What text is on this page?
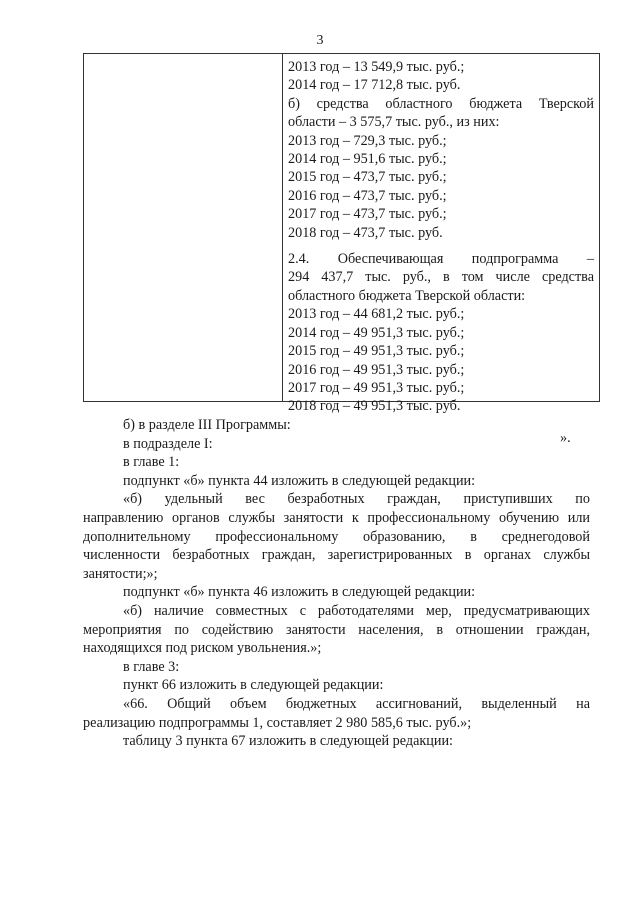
3
2013 год – 13 549,9 тыс. руб.;
2014 год – 17 712,8 тыс. руб.
б) средства областного бюджета Тверской
области – 3 575,7 тыс. руб., из них:
2013 год – 729,3 тыс. руб.;
2014 год – 951,6 тыс. руб.;
2015 год – 473,7 тыс. руб.;
2016 год – 473,7 тыс. руб.;
2017 год – 473,7 тыс. руб.;
2018 год – 473,7 тыс. руб.
2.4. Обеспечивающая подпрограмма –
294 437,7 тыс. руб., в том числе средства
областного бюджета Тверской области:
2013 год – 44 681,2 тыс. руб.;
2014 год – 49 951,3 тыс. руб.;
2015 год – 49 951,3 тыс. руб.;
2016 год – 49 951,3 тыс. руб.;
2017 год – 49 951,3 тыс. руб.;
2018 год – 49 951,3 тыс. руб.
».

б) в разделе III Программы:

в подразделе I:

в главе 1:

подпункт «б» пункта 44 изложить в следующей редакции:

«б) удельный вес безработных граждан, приступивших по

направлению органов службы занятости к профессиональному обучению или

дополнительному профессиональному образованию, в среднегодовой

численности безработных граждан, зарегистрированных в органах службы

занятости;»;

подпункт «б» пункта 46 изложить в следующей редакции:

«б) наличие совместных с работодателями мер, предусматривающих

мероприятия по содействию занятости населения, в отношении граждан,

находящихся под риском увольнения.»;

в главе 3:

пункт 66 изложить в следующей редакции:

«66. Общий объем бюджетных ассигнований, выделенный на

реализацию подпрограммы 1, составляет 2 980 585,6 тыс. руб.»;

таблицу 3 пункта 67 изложить в следующей редакции:
